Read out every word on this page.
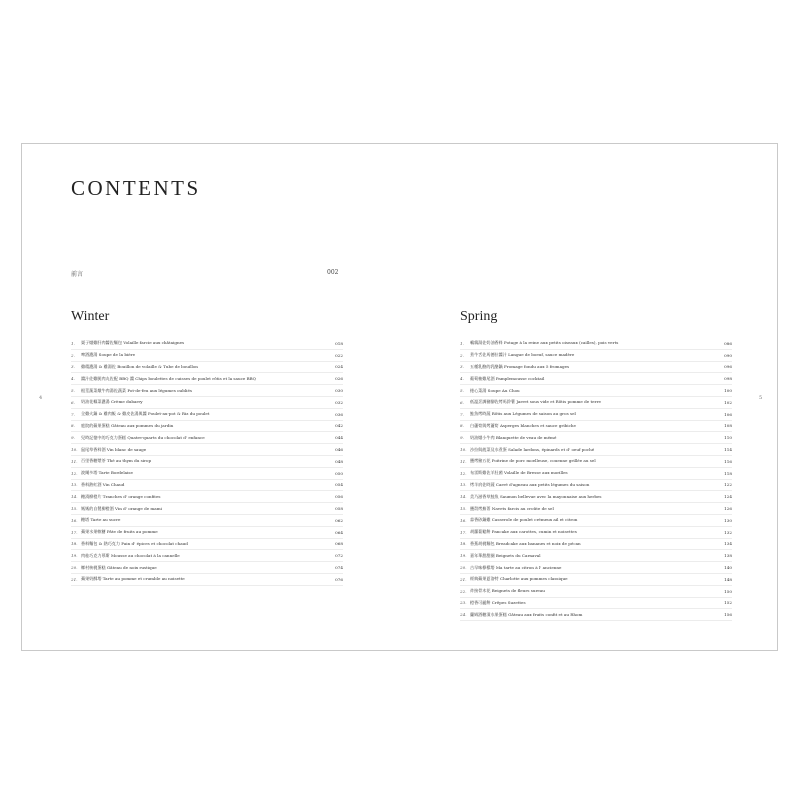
CONTENTS
前言	002
Winter
1.	栗子燉雞肝肉醬佐麵包 Volaille farcie aux châtaignes	018
2.	啤酒濃湯 Soupe de la bière	022
3.	雞精濃湯 & 雞湯佐 Bouillon de volaille & Tube de bouillon	024
4.	醬汁佐雞腿肉丸佐配 BBQ 醬 Chips boulettes de cuisses de poulet rôtis et la sauce BBQ	026
5.	根莖蔬菜燉牛肉湯佐蔬菜 Pot-de-feu aux légumes oubliés	030
6.	奶油花椰菜濃湯 Crème dubarry	032
7.	全雞火鍋 & 雞肉飯 & 雞皮佐湯與醬 Poulet-au-pot & Riz du poulet	036
8.	庭院的蘋果蛋糕 Gâteau aux pommes du jardin	042
9.	兒時記憶中的巧克力蛋糕 Quatre-quarts du chocolat d' enfance	044
10. 鼠尾草香料酒 Vin blanc de sauge	046
11. 百里香糖漿茶 Thé au thym du sirop	048
12. 波爾多塔 Tarte Bordelaise	050
13. 香料熱紅酒 Vin Chaud	054
14. 糖漬柳橙片 Tranches d' orange confites	056
15. 媽媽的自製柳橙酒 Vin d' orange de mami	058
16. 糖塔 Tarte au sucre	062
17. 蘋果水果軟糖 Pâte de fruits au pomme	064
18. 香料麵包 & 熱巧克力 Pain d' épices et chocolat chaud	068
19. 肉桂巧克力慕斯 Mousse au chocolat à la cannelle	072
20. 鄉村核桃蛋糕 Gâteau de noix rustique	074
21. 蘋果奶酥塔 Tarte au pomme et crumble au noisette	076
Spring
1.	鵪鶉湯佐奶油香料 Potage à la reine aux petits oiseaux (cailles), pois verts	086
2.	煮牛舌佐馬德拉醬汁 Langue de boeuf, sauce madère	090
3.	五種乳酪的乳酪鍋 Fromage fondu aux 5 fromages	096
4.	葡萄柚雞尾酒 Pamplemousse cocktail	098
5.	捲心菜湯 Soupe Au Chou	100
6.	低溫烹調豬腳佐烤馬鈴薯 Jarret sous vide et Rôtis pomme de terre	102
7.	鮭魚烤時蔬 Rôtis aux Légumes de saison au gros sel	106
8.	白蘆筍與烤蘆筍 Asperges blanches et sauce gribiche	108
9.	奶油燉小牛肉 Blanquette de veau de mémé	110
10. 沙拉與菠菜及水煮蛋 Salade lardons, épinards et d' oeuf poché	114
11. 鹽烤豬五花 Poitrine de porc moelleuse, couenne grillée au sel	116
12. 布雷斯雞佐羊肚菌 Volaille de Bresse aux morilles	118
13. 烤羊肩佐時蔬 Carré d'agneau aux petits légumes du saison	122
14. 美乃滋香草鮭魚 Saumon bellevue avec la mayonnaise aux herbes	124
15. 鹽殼烤蕪菁 Navets farcis au croûte de sel	126
16. 蒜香砂鍋雞 Casserole de poulet crémeux ail et citron	130
17. 胡蘿蔔鬆餅 Pancake aux carottes, cumin et noisettes	132
18. 香蕉胡桃麵包 Breadcake aux bananes et noix de pécan	134
19. 嘉年華甜甜圈 Beignets du Carnaval	138
20. 古早味檸檬塔 Ma tarte au citron à l' ancienne	140
21. 經典蘋果夏洛特 Charlotte aux pommes classique	148
22. 炸接骨木花 Beignets de fleurs sureau	150
23. 橙香可麗餅 Crêpes Suzettes	152
24. 蘭姆酒糖漬水果蛋糕 Gâteau aux fruits confit et au Rhom	156
4	5
